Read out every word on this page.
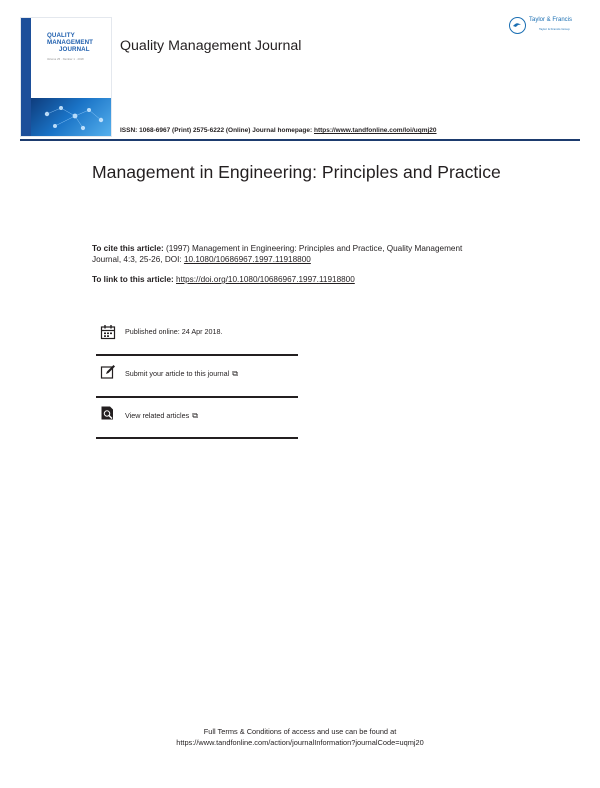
QUALITY
MANAGEMENT
JOURNAL
Volume 25 · Number 1 · 2018
Quality Management Journal
Taylor & Francis
Taylor & Francis Group
ISSN: 1068-6967 (Print) 2575-6222 (Online) Journal homepage: https://www.tandfonline.com/loi/uqmj20
Management in Engineering: Principles and Practice
To cite this article: (1997) Management in Engineering: Principles and Practice, Quality Management Journal, 4:3, 25-26, DOI: 10.1080/10686967.1997.11918800
To link to this article: https://doi.org/10.1080/10686967.1997.11918800
Published online: 24 Apr 2018.
Submit your article to this journal ⧉
View related articles ⧉
Full Terms & Conditions of access and use can be found at
https://www.tandfonline.com/action/journalInformation?journalCode=uqmj20
